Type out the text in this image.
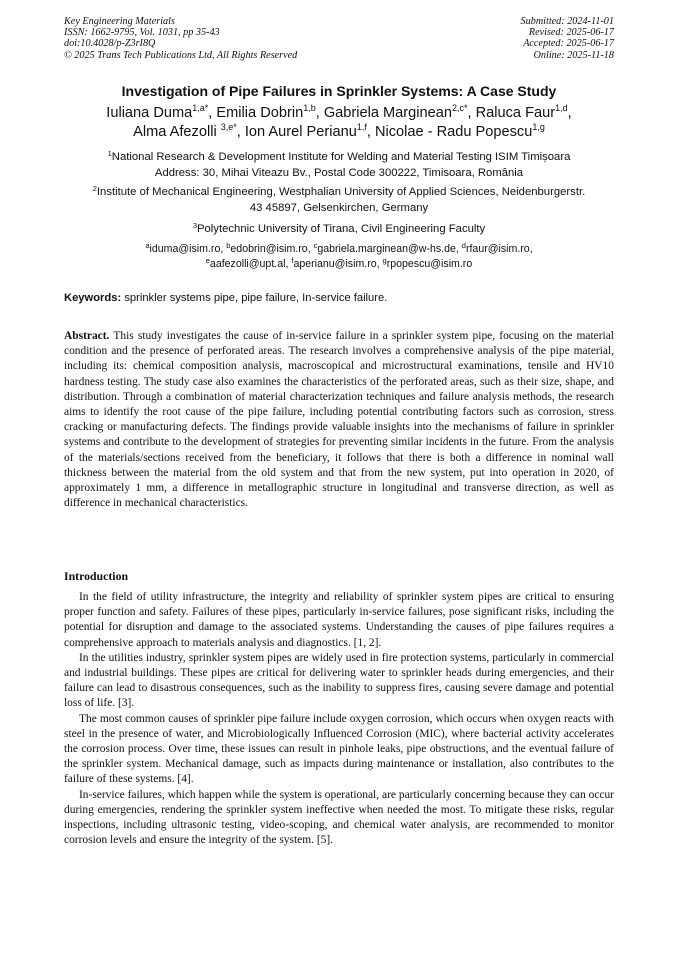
Key Engineering Materials
ISSN: 1662-9795, Vol. 1031, pp 35-43
doi:10.4028/p-Z3rI8Q
© 2025 Trans Tech Publications Ltd, All Rights Reserved
Submitted: 2024-11-01
Revised: 2025-06-17
Accepted: 2025-06-17
Online: 2025-11-18
Investigation of Pipe Failures in Sprinkler Systems: A Case Study
Iuliana Duma$^{1,a*}$, Emilia Dobrin$^{1,b}$, Gabriela Marginean$^{2,c*}$, Raluca Faur$^{1,d}$,
Alma Afezolli $^{3,e*}$, Ion Aurel Perianu$^{1,f}$, Nicolae - Radu Popescu$^{1,g}$
$^1$National Research & Development Institute for Welding and Material Testing ISIM Timișoara
Address: 30, Mihai Viteazu Bv., Postal Code 300222, Timisoara, România
$^2$Institute of Mechanical Engineering, Westphalian University of Applied Sciences, Neidenburgerstr.
43 45897, Gelsenkirchen, Germany
$^3$Polytechnic University of Tirana, Civil Engineering Faculty
$^a$iduma@isim.ro, $^b$edobrin@isim.ro, $^c$gabriela.marginean@w-hs.de, $^d$rfaur@isim.ro,
$^e$aafezolli@upt.al, $^f$aperianu@isim.ro, $^g$rpopescu@isim.ro
Keywords: sprinkler systems pipe, pipe failure, In-service failure.

Abstract. This study investigates the cause of in-service failure in a sprinkler system pipe, focusing on the material condition and the presence of perforated areas. The research involves a comprehensive analysis of the pipe material, including its: chemical composition analysis, macroscopical and microstructural examinations, tensile and HV10 hardness testing. The study case also examines the characteristics of the perforated areas, such as their size, shape, and distribution. Through a combination of material characterization techniques and failure analysis methods, the research aims to identify the root cause of the pipe failure, including potential contributing factors such as corrosion, stress cracking or manufacturing defects. The findings provide valuable insights into the mechanisms of failure in sprinkler systems and contribute to the development of strategies for preventing similar incidents in the future. From the analysis of the materials/sections received from the beneficiary, it follows that there is both a difference in nominal wall thickness between the material from the old system and that from the new system, put into operation in 2020, of approximately 1 mm, a difference in metallographic structure in longitudinal and transverse direction, as well as difference in mechanical characteristics.

Introduction

In the field of utility infrastructure, the integrity and reliability of sprinkler system pipes are critical to ensuring proper function and safety. Failures of these pipes, particularly in-service failures, pose significant risks, including the potential for disruption and damage to the associated systems. Understanding the causes of pipe failures requires a comprehensive approach to materials analysis and diagnostics. [1, 2].

In the utilities industry, sprinkler system pipes are widely used in fire protection systems, particularly in commercial and industrial buildings. These pipes are critical for delivering water to sprinkler heads during emergencies, and their failure can lead to disastrous consequences, such as the inability to suppress fires, causing severe damage and potential loss of life. [3].

The most common causes of sprinkler pipe failure include oxygen corrosion, which occurs when oxygen reacts with steel in the presence of water, and Microbiologically Influenced Corrosion (MIC), where bacterial activity accelerates the corrosion process. Over time, these issues can result in pinhole leaks, pipe obstructions, and the eventual failure of the sprinkler system. Mechanical damage, such as impacts during maintenance or installation, also contributes to the failure of these systems. [4].

In-service failures, which happen while the system is operational, are particularly concerning because they can occur during emergencies, rendering the sprinkler system ineffective when needed the most. To mitigate these risks, regular inspections, including ultrasonic testing, video-scoping, and chemical water analysis, are recommended to monitor corrosion levels and ensure the integrity of the system. [5].
